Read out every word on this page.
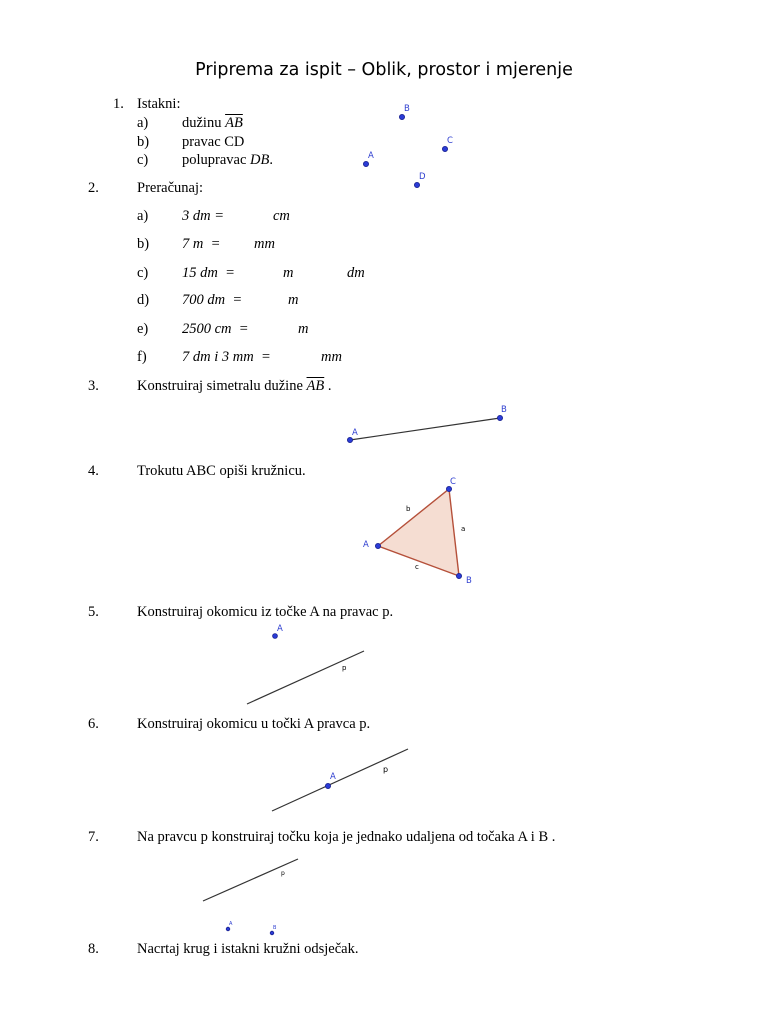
Priprema za ispit – Oblik, prostor i mjerenje
1. Istakni:
a) dužinu $\overline{AB}$
b) pravac CD
c) polupravac DB.
B
C
A
D
2.	Preračunaj:
a) 3 dm =	cm
b) 7 m  = mm
c) 15 dm  =	m	dm
d) 700 dm  =	m
e) 2500 cm  =	m
f) 7 dm i 3 mm  =	mm
3.	Konstruiraj simetralu dužine $\overline{AB}$ .
A
B
4.	Trokutu ABC opiši kružnicu.
A
B
C
a
b
c
5.	Konstruiraj okomicu iz točke A na pravac p.
A
p
6.	Konstruiraj okomicu u točki A pravca p.
A
p
7.	Na pravcu p konstruiraj točku koja je jednako udaljena od točaka A i B .
p
A
B
8.	Nacrtaj krug i istakni kružni odsječak.
